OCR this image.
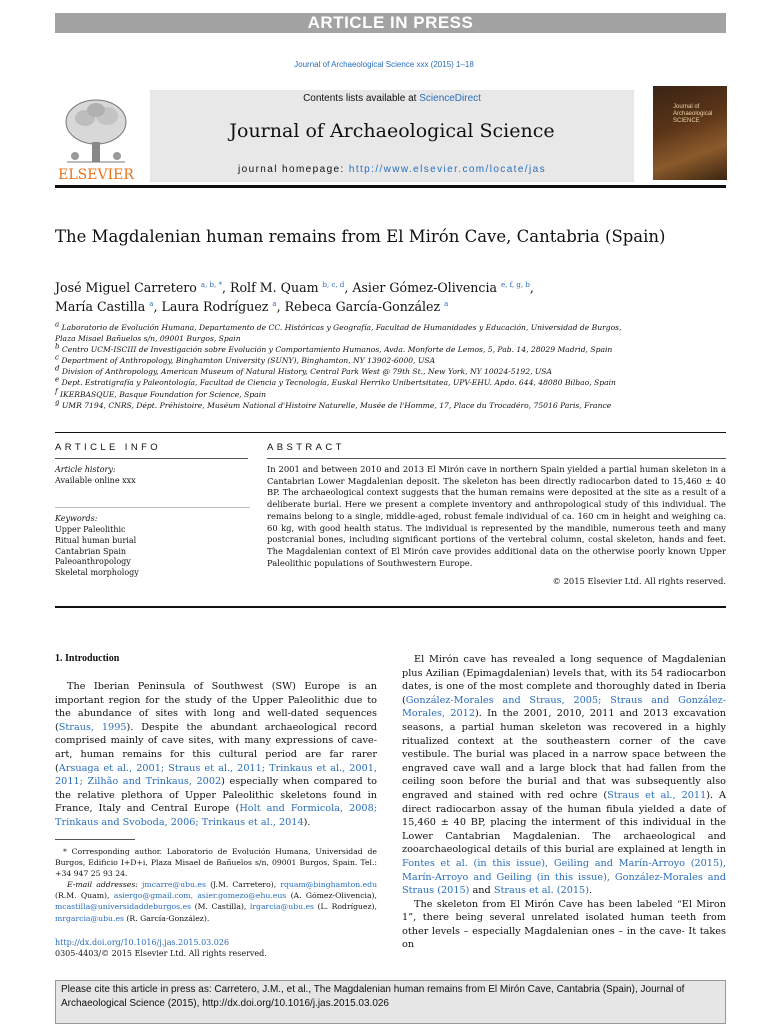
ARTICLE IN PRESS
Journal of Archaeological Science xxx (2015) 1–18
ELSEVIER
Contents lists available at ScienceDirect
Journal of Archaeological Science
journal homepage: http://www.elsevier.com/locate/jas
Journal of
Archaeological
SCIENCE
The Magdalenian human remains from El Mirón Cave, Cantabria (Spain)
José Miguel Carretero $^{a, b, *}$, Rolf M. Quam $^{b, c, d}$, Asier Gómez-Olivencia $^{e, f, g, b}$,
María Castilla $^a$, Laura Rodríguez $^a$, Rebeca García-González $^a$
$^a$ Laboratorio de Evolución Humana, Departamento de CC. Históricas y Geografía, Facultad de Humanidades y Educación, Universidad de Burgos,
Plaza Misael Bañuelos s/n, 09001 Burgos, Spain
$^b$ Centro UCM-ISCIII de Investigación sobre Evolución y Comportamiento Humanos, Avda. Monforte de Lemos, 5, Pab. 14, 28029 Madrid, Spain
$^c$ Department of Anthropology, Binghamton University (SUNY), Binghamton, NY 13902-6000, USA
$^d$ Division of Anthropology, American Museum of Natural History, Central Park West @ 79th St., New York, NY 10024-5192, USA
$^e$ Dept. Estratigrafía y Paleontología, Facultad de Ciencia y Tecnología, Euskal Herriko Unibertsitatea, UPV-EHU. Apdo. 644, 48080 Bilbao, Spain
$^f$ IKERBASQUE, Basque Foundation for Science, Spain
$^g$ UMR 7194, CNRS, Dépt. Préhistoire, Muséum National d'Histoire Naturelle, Musée de l'Homme, 17, Place du Trocadéro, 75016 Paris, France
ARTICLE INFO
Article history:
Available online xxx
Keywords:
Upper Paleolithic
Ritual human burial
Cantabrian Spain
Paleoanthropology
Skeletal morphology
ABSTRACT
In 2001 and between 2010 and 2013 El Mirón cave in northern Spain yielded a partial human skeleton in a Cantabrian Lower Magdalenian deposit. The skeleton has been directly radiocarbon dated to 15,460 ± 40 BP. The archaeological context suggests that the human remains were deposited at the site as a result of a deliberate burial. Here we present a complete inventory and anthropological study of this individual. The remains belong to a single, middle-aged, robust female individual of ca. 160 cm in height and weighing ca. 60 kg, with good health status. The individual is represented by the mandible, numerous teeth and many postcranial bones, including significant portions of the vertebral column, costal skeleton, hands and feet. The Magdalenian context of El Mirón cave provides additional data on the otherwise poorly known Upper Paleolithic populations of Southwestern Europe.
© 2015 Elsevier Ltd. All rights reserved.
1. Introduction
The Iberian Peninsula of Southwest (SW) Europe is an important region for the study of the Upper Paleolithic due to the abundance of sites with long and well-dated sequences (Straus, 1995). Despite the abundant archaeological record comprised mainly of cave sites, with many expressions of cave-art, human remains for this cultural period are far rarer (Arsuaga et al., 2001; Straus et al., 2011; Trinkaus et al., 2001, 2011; Zilhão and Trinkaus, 2002) especially when compared to the relative plethora of Upper Paleolithic skeletons found in France, Italy and Central Europe (Holt and Formicola, 2008; Trinkaus and Svoboda, 2006; Trinkaus et al., 2014).

El Mirón cave has revealed a long sequence of Magdalenian plus Azilian (Epimagdalenian) levels that, with its 54 radiocarbon dates, is one of the most complete and thoroughly dated in Iberia (González-Morales and Straus, 2005; Straus and González-Morales, 2012). In the 2001, 2010, 2011 and 2013 excavation seasons, a partial human skeleton was recovered in a highly ritualized context at the southeastern corner of the cave vestibule. The burial was placed in a narrow space between the engraved cave wall and a large block that had fallen from the ceiling soon before the burial and that was subsequently also engraved and stained with red ochre (Straus et al., 2011). A direct radiocarbon assay of the human fibula yielded a date of 15,460 ± 40 BP, placing the interment of this individual in the Lower Cantabrian Magdalenian. The archaeological and zooarchaeological details of this burial are explained at length in Fontes et al. (in this issue), Geiling and Marín-Arroyo (2015), Marín-Arroyo and Geiling (in this issue), González-Morales and Straus (2015) and Straus et al. (2015).

The skeleton from El Mirón Cave has been labeled “El Miron 1”, there being several unrelated isolated human teeth from other levels – especially Magdalenian ones – in the cave- It takes on

* Corresponding author. Laboratorio de Evolución Humana, Universidad de Burgos, Edificio I+D+i, Plaza Misael de Bañuelos s/n, 09001 Burgos, Spain. Tel.: +34 947 25 93 24.
E-mail addresses: jmcarre@ubu.es (J.M. Carretero), rquam@binghamton.edu (R.M. Quam), asiergo@gmail.com, asier.gomezo@ehu.eus (A. Gómez-Olivencia), mcastilla@universidaddeburgos.es (M. Castilla), lrgarcia@ubu.es (L. Rodríguez), mrgarcia@ubu.es (R. García-González).
http://dx.doi.org/10.1016/j.jas.2015.03.026
0305-4403/© 2015 Elsevier Ltd. All rights reserved.
Please cite this article in press as: Carretero, J.M., et al., The Magdalenian human remains from El Mirón Cave, Cantabria (Spain), Journal of Archaeological Science (2015), http://dx.doi.org/10.1016/j.jas.2015.03.026
